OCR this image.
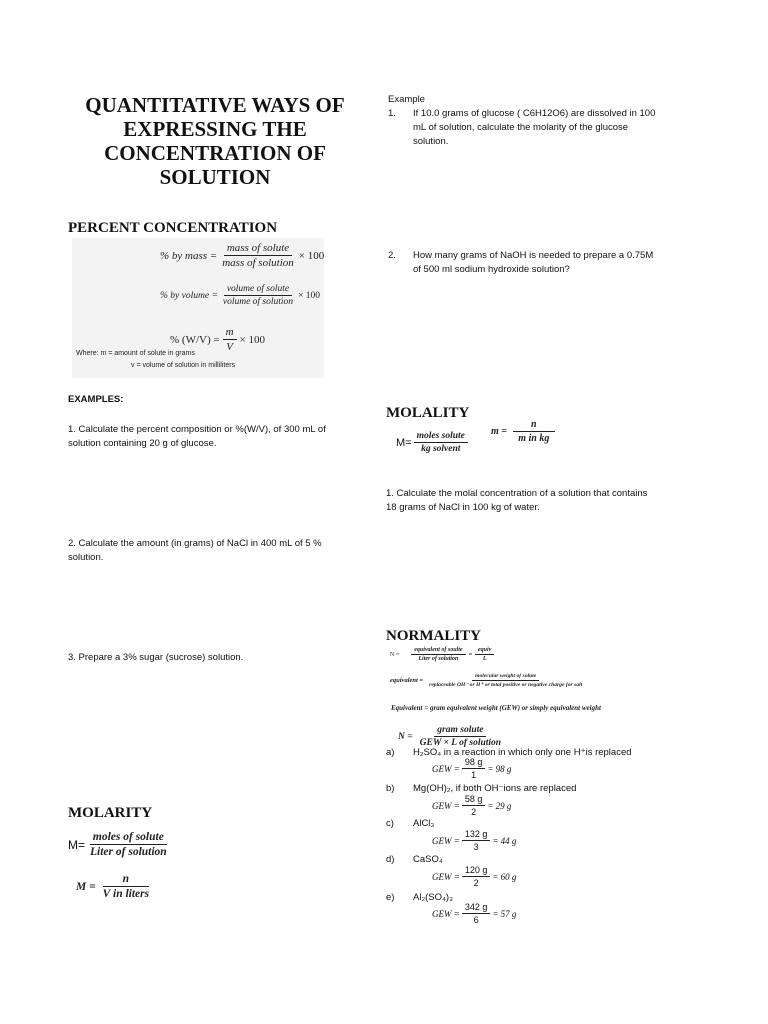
QUANTITATIVE WAYS OF
EXPRESSING THE
CONCENTRATION OF
SOLUTION
PERCENT CONCENTRATION
% by mass = $\frac{\text{mass of solute}}{\text{mass of solution}} \times 100$
% by volume = $\frac{\text{volume of solute}}{\text{volume of solution}} \times 100$
% $(W/V) = \frac{m}{V} \times 100$
Where: m = amount of solute in grams
v = volume of solution in milliliters
EXAMPLES:
1. Calculate the percent composition or %(W/V), of 300 mL of
solution containing 20 g of glucose.
2. Calculate the amount (in grams) of NaCl in 400 mL of 5 %
solution.
3. Prepare a 3% sugar (sucrose) solution.
MOLARITY
$M= \frac{\text{moles of solute}}{\text{Liter of solution}}$
$M = \frac{n}{\text{V in liters}}$
Example
1. If 10.0 grams of glucose ( C6H12O6) are dissolved in 100
mL of solution, calculate the molarity of the glucose
solution.
2. How many grams of NaOH is needed to prepare a 0.75M
of 500 ml sodium hydroxide solution?
MOLALITY
$M= \frac{\text{moles solute}}{\text{kg solvent}}$ $m = \frac{n}{\text{m in kg}}$
1. Calculate the molal concentration of a solution that contains
18 grams of NaCl in 100 kg of water.
NORMALITY
$N = \frac{\text{equivalent of soulte}}{\text{Liter of solution}} = \frac{\text{equiv}}{L}$
equivalent =
molecular weight of solute
replaceable OH⁻ or H⁺ or total positive or negative charge for salt
Equivalent = gram equivalent weight (GEW) or simply equivalent weight
$N = \frac{\text{gram solute}}{\text{GEW × L of solution}}$
a) H₂SO₄ in a reaction in which only one H⁺is replaced
GEW = $\frac{98 g}{1} = 98$ g
b) Mg(OH)₂, if both OH⁻ions are replaced
GEW = $\frac{58 g}{2} = 29$ g
c) AlCl₃
GEW = $\frac{132 g}{3} = 44$ g
d) CaSO₄
GEW = $\frac{120 g}{2} = 60$ g
e) Al₂(SO₄)₃
GEW = $\frac{342 g}{6} = 57$ g
